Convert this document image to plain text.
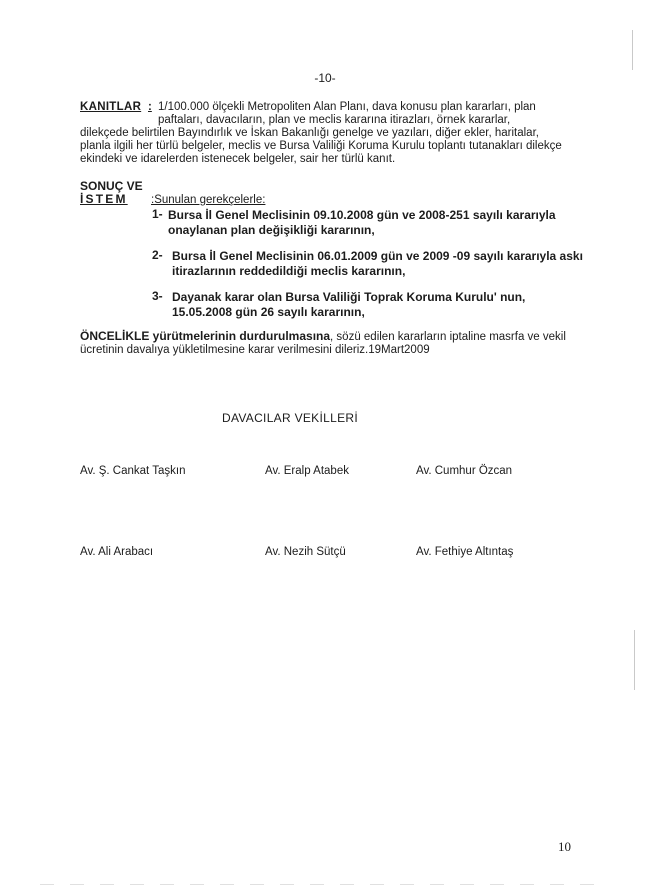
-10-
KANITLAR : 1/100.000 ölçekli Metropoliten Alan Planı, dava konusu plan kararları, plan
paftaları, davacıların, plan ve meclis kararına itirazları, örnek kararlar,
dilekçede belirtilen Bayındırlık ve İskan Bakanlığı genelge ve yazıları, diğer ekler, haritalar,
planla ilgili her türlü belgeler, meclis ve Bursa Valiliği Koruma Kurulu toplantı tutanakları dilekçe
ekindeki ve idarelerden istenecek belgeler, sair her türlü kanıt.
SONUÇ VE
İSTEM	:Sunulan gerekçelerle:
1- Bursa İl Genel Meclisinin 09.10.2008 gün ve 2008-251 sayılı kararıyla
onaylanan plan değişikliği kararının,
2- Bursa İl Genel Meclisinin 06.01.2009 gün ve 2009 -09 sayılı kararıyla askı
itirazlarının reddedildiği meclis kararının,
3- Dayanak karar olan Bursa Valiliği Toprak Koruma Kurulu' nun,
15.05.2008 gün 26 sayılı kararının,
ÖNCELİKLE yürütmelerinin durdurulmasına, sözü edilen kararların iptaline masrfa ve vekil
ücretinin davalıya yükletilmesine karar verilmesini dileriz.19Mart2009
DAVACILAR VEKİLLERİ
Av. Ş. Cankat Taşkın	Av. Eralp Atabek	Av. Cumhur Özcan
Av. Ali Arabacı	Av. Nezih Sütçü	Av. Fethiye Altıntaş
10
